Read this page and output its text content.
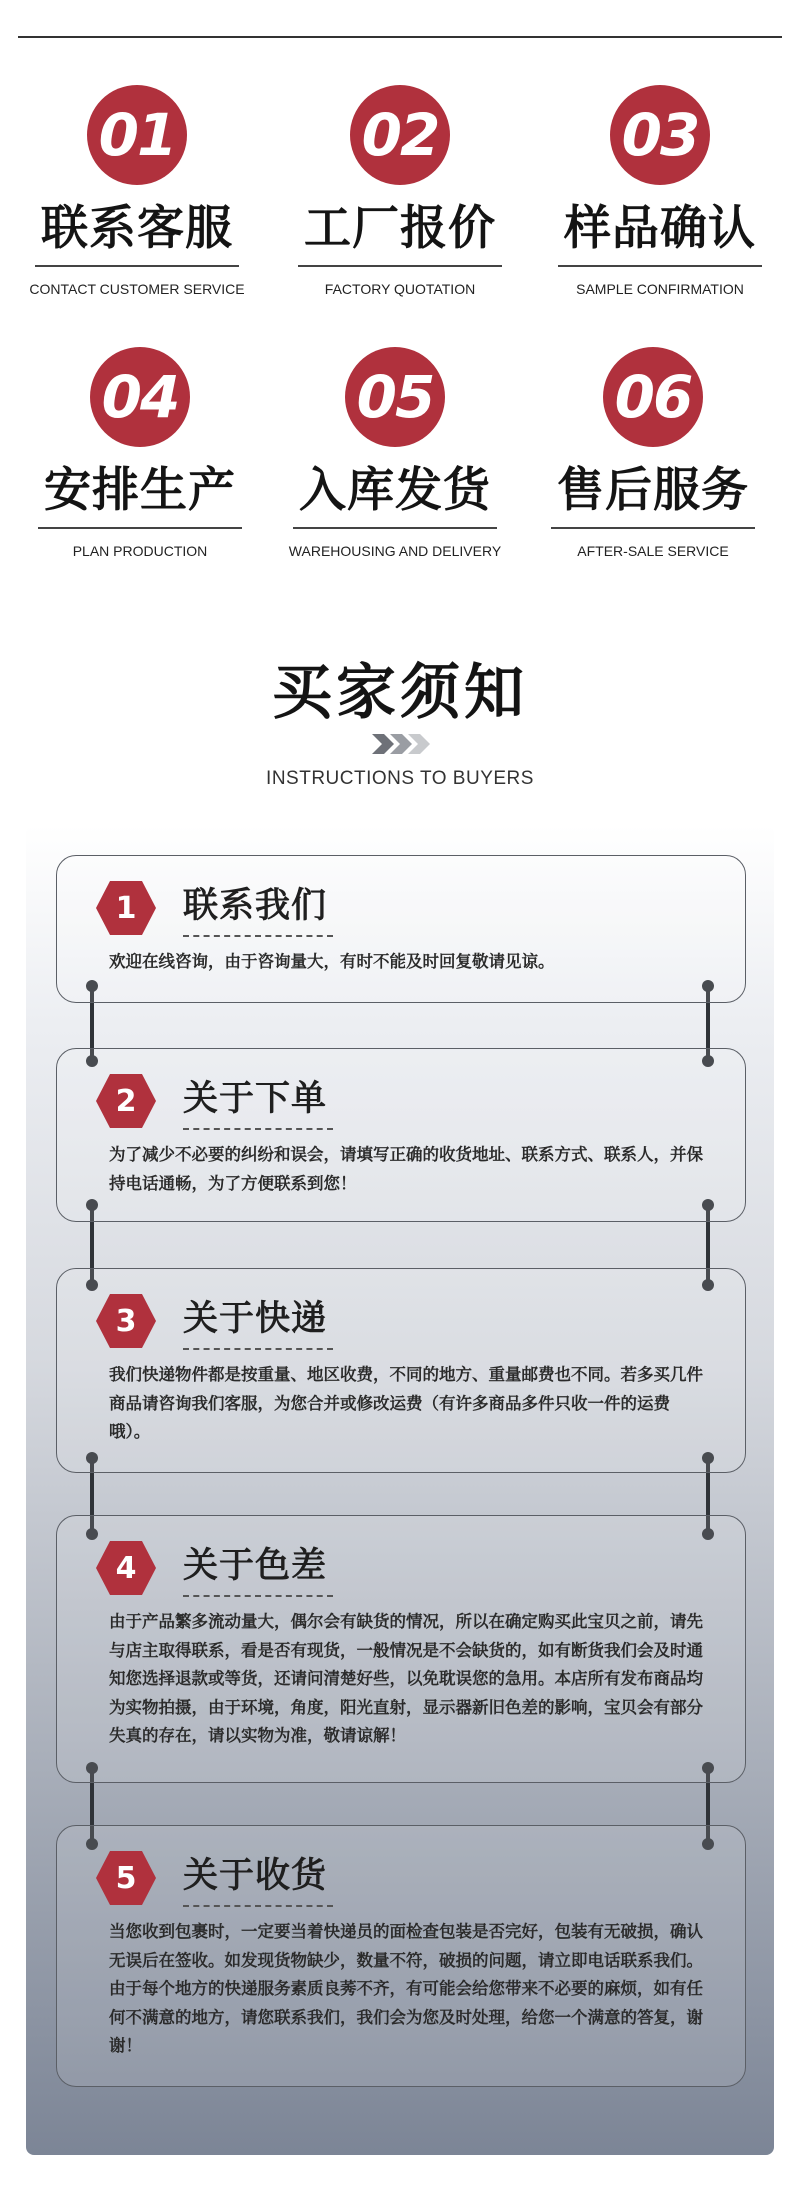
01
联系客服
CONTACT CUSTOMER SERVICE
02
工厂报价
FACTORY QUOTATION
03
样品确认
SAMPLE CONFIRMATION
04
安排生产
PLAN PRODUCTION
05
入库发货
WAREHOUSING AND DELIVERY
06
售后服务
AFTER-SALE SERVICE
买家须知
INSTRUCTIONS TO BUYERS
1	联系我们
欢迎在线咨询，由于咨询量大，有时不能及时回复敬请见谅。
2	关于下单
为了减少不必要的纠纷和误会，请填写正确的收货地址、联系方式、联系人，并保持电话通畅，为了方便联系到您！
3	关于快递
我们快递物件都是按重量、地区收费，不同的地方、重量邮费也不同。若多买几件商品请咨询我们客服，为您合并或修改运费（有许多商品多件只收一件的运费哦）。
4	关于色差
由于产品繁多流动量大，偶尔会有缺货的情况，所以在确定购买此宝贝之前，请先与店主取得联系，看是否有现货，一般情况是不会缺货的，如有断货我们会及时通知您选择退款或等货，还请问清楚好些，以免耽误您的急用。本店所有发布商品均为实物拍摄，由于环境，角度，阳光直射，显示器新旧色差的影响，宝贝会有部分失真的存在，请以实物为准，敬请谅解！
5	关于收货
当您收到包裹时，一定要当着快递员的面检查包装是否完好，包装有无破损，确认无误后在签收。如发现货物缺少，数量不符，破损的问题，请立即电话联系我们。由于每个地方的快递服务素质良莠不齐，有可能会给您带来不必要的麻烦，如有任何不满意的地方，请您联系我们，我们会为您及时处理，给您一个满意的答复，谢谢！
